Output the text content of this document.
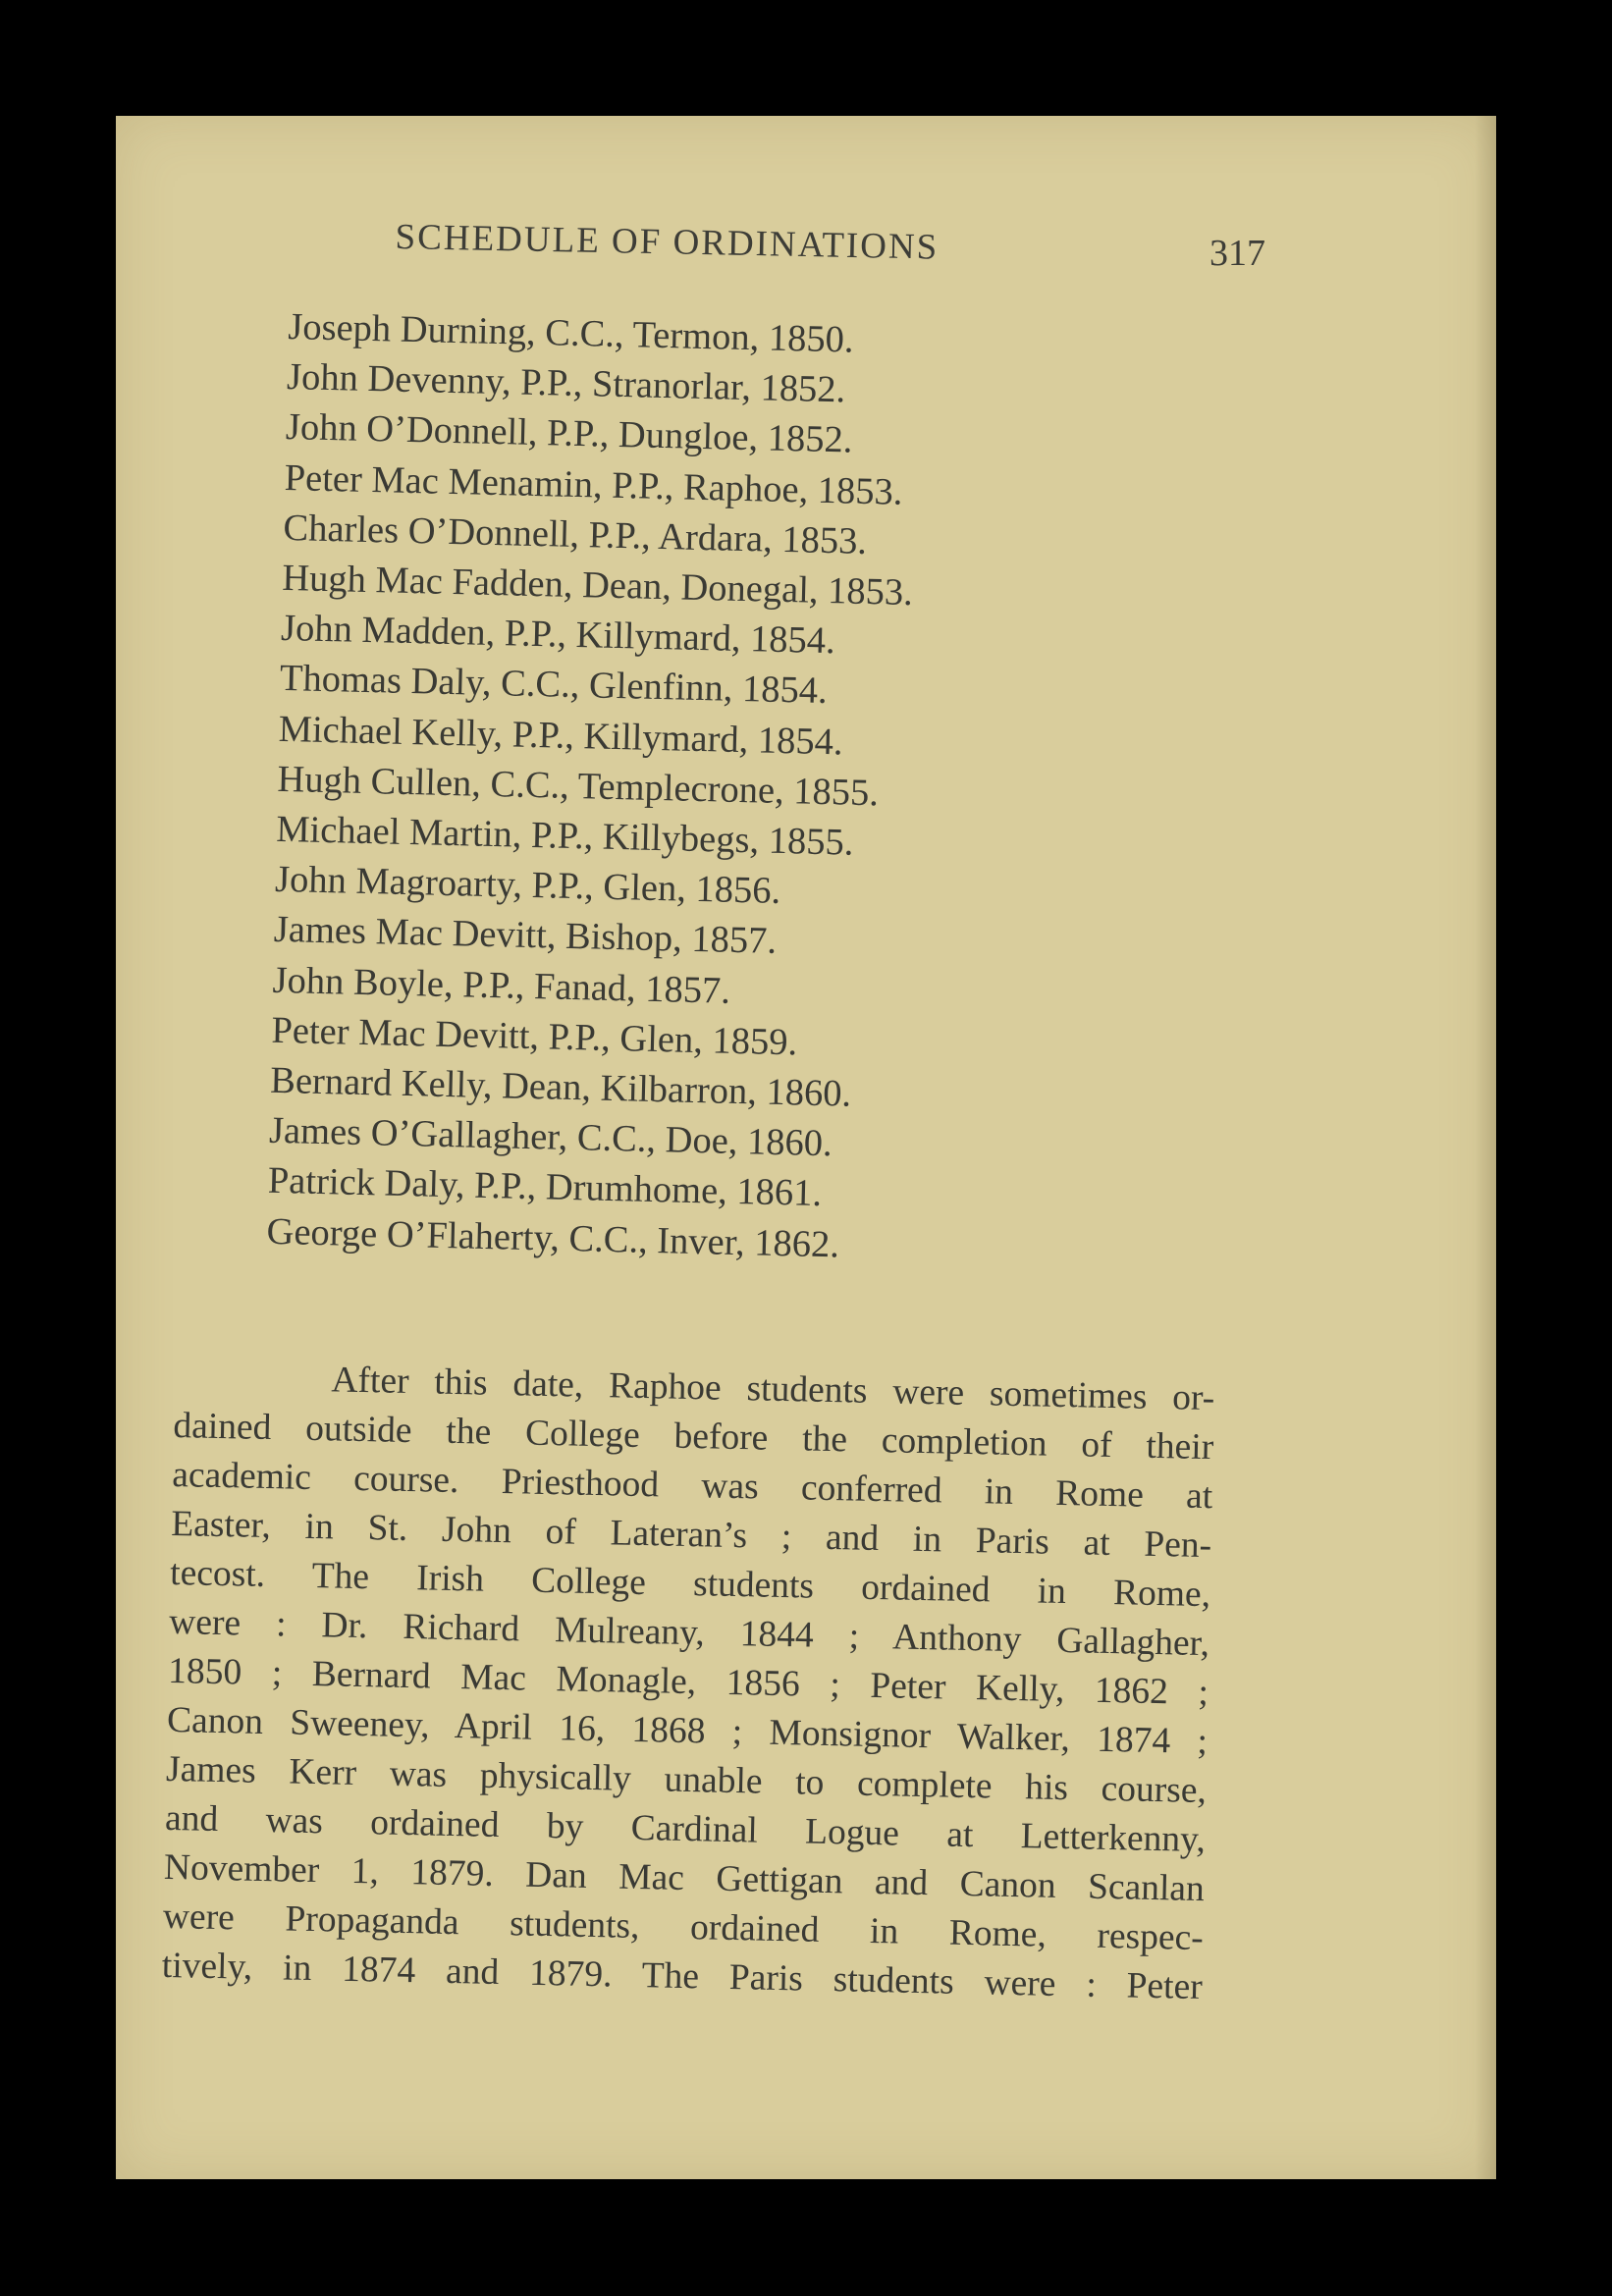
SCHEDULE OF ORDINATIONS	317
Joseph Durning, C.C., Termon, 1850.
John Devenny, P.P., Stranorlar, 1852.
John O’Donnell, P.P., Dungloe, 1852.
Peter Mac Menamin, P.P., Raphoe, 1853.
Charles O’Donnell, P.P., Ardara, 1853.
Hugh Mac Fadden, Dean, Donegal, 1853.
John Madden, P.P., Killymard, 1854.
Thomas Daly, C.C., Glenfinn, 1854.
Michael Kelly, P.P., Killymard, 1854.
Hugh Cullen, C.C., Templecrone, 1855.
Michael Martin, P.P., Killybegs, 1855.
John Magroarty, P.P., Glen, 1856.
James Mac Devitt, Bishop, 1857.
John Boyle, P.P., Fanad, 1857.
Peter Mac Devitt, P.P., Glen, 1859.
Bernard Kelly, Dean, Kilbarron, 1860.
James O’Gallagher, C.C., Doe, 1860.
Patrick Daly, P.P., Drumhome, 1861.
George O’Flaherty, C.C., Inver, 1862.
After this date, Raphoe students were sometimes or-
dained outside the College before the completion of their
academic course. Priesthood was conferred in Rome at
Easter, in St. John of Lateran’s ; and in Paris at Pen-
tecost. The Irish College students ordained in Rome,
were : Dr. Richard Mulreany, 1844 ; Anthony Gallagher,
1850 ; Bernard Mac Monagle, 1856 ; Peter Kelly, 1862 ;
Canon Sweeney, April 16, 1868 ; Monsignor Walker, 1874 ;
James Kerr was physically unable to complete his course,
and was ordained by Cardinal Logue at Letterkenny,
November 1, 1879. Dan Mac Gettigan and Canon Scanlan
were Propaganda students, ordained in Rome, respec-
tively, in 1874 and 1879. The Paris students were : Peter
